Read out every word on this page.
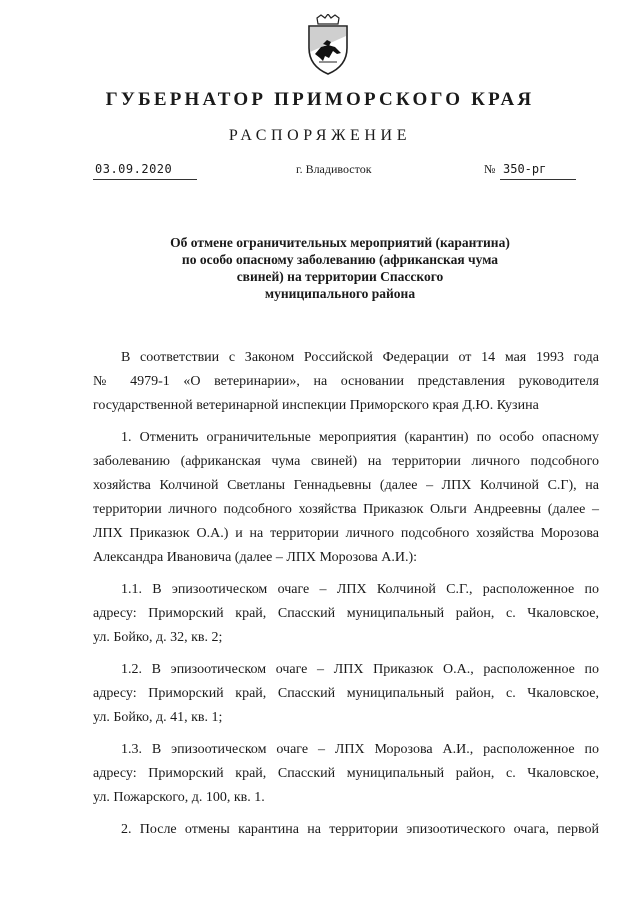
ГУБЕРНАТОР ПРИМОРСКОГО КРАЯ
РАСПОРЯЖЕНИЕ
03.09.2020	г. Владивосток	№ 350-рг
Об отмене ограничительных мероприятий (карантина)
по особо опасному заболеванию (африканская чума
свиней) на территории Спасского
муниципального района
В соответствии с Законом Российской Федерации от 14 мая 1993 года
№ 4979-1 «О ветеринарии», на основании представления руководителя
государственной ветеринарной инспекции Приморского края Д.Ю. Кузина
1. Отменить ограничительные мероприятия (карантин) по особо опасному
заболеванию (африканская чума свиней) на территории личного подсобного
хозяйства Колчиной Светланы Геннадьевны (далее – ЛПХ Колчиной С.Г), на
территории личного подсобного хозяйства Приказюк Ольги Андреевны (далее –
ЛПХ Приказюк О.А.) и на территории личного подсобного хозяйства Морозова
Александра Ивановича (далее – ЛПХ Морозова А.И.):
1.1. В эпизоотическом очаге – ЛПХ Колчиной С.Г., расположенное по
адресу: Приморский край, Спасский муниципальный район, с. Чкаловское,
ул. Бойко, д. 32, кв. 2;
1.2. В эпизоотическом очаге – ЛПХ Приказюк О.А., расположенное по
адресу: Приморский край, Спасский муниципальный район, с. Чкаловское,
ул. Бойко, д. 41, кв. 1;
1.3. В эпизоотическом очаге – ЛПХ Морозова А.И., расположенное по
адресу: Приморский край, Спасский муниципальный район, с. Чкаловское,
ул. Пожарского, д. 100, кв. 1.
2. После отмены карантина на территории эпизоотического очага, первой
